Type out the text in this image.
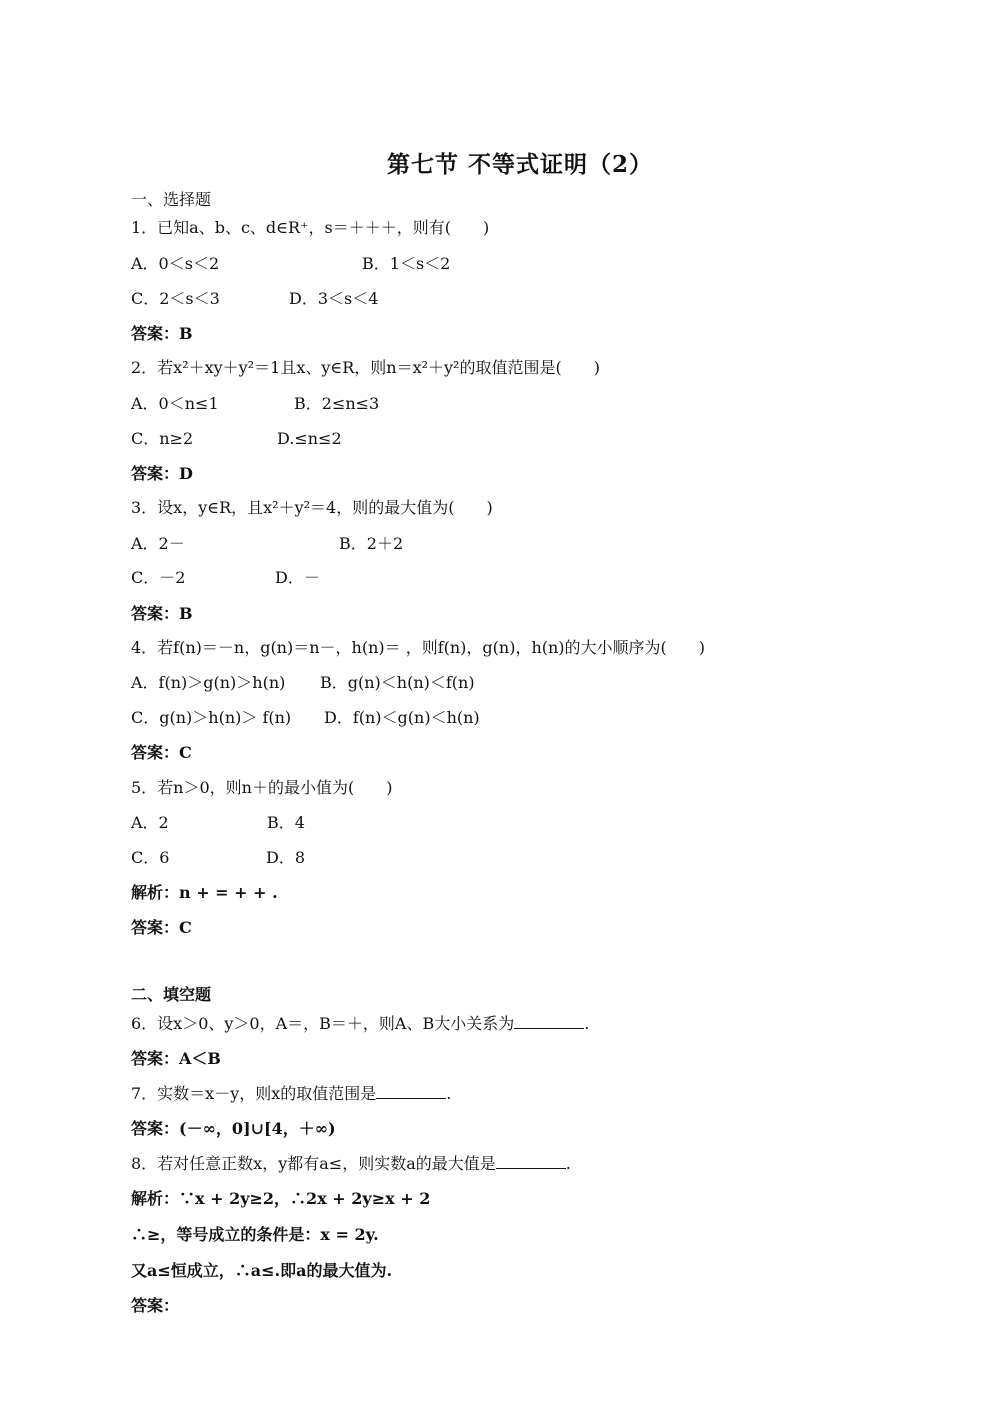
第七节 不等式证明（2）
一、选择题
1．已知a、b、c、d∈R⁺，s＝＋＋＋，则有(　　)
A．0＜s＜2	B．1＜s＜2
C．2＜s＜3	D．3＜s＜4
答案：B
2．若x²＋xy＋y²＝1且x、y∈R，则n＝x²＋y²的取值范围是(　　)
A．0＜n≤1	B．2≤n≤3
C．n≥2	D.≤n≤2
答案：D
3．设x，y∈R，且x²＋y²＝4，则的最大值为(　　)
A．2－	B．2＋2
C．－2	D．－
答案：B
4．若f(n)＝－n，g(n)＝n－，h(n)＝ ，则f(n)，g(n)，h(n)的大小顺序为(　　)
A．f(n)＞g(n)＞h(n) B．g(n)＜h(n)＜f(n)
C．g(n)＞h(n)＞ f(n) D．f(n)＜g(n)＜h(n)
答案：C
5．若n＞0，则n＋的最小值为(　　)
A．2	B．4
C．6	D．8
解析：n + = + + .
答案：C
二、填空题
6．设x＞0、y＞0，A＝，B＝＋，则A、B大小关系为	.
答案：A＜B
7．实数＝x－y，则x的取值范围是	.
答案：(－∞，0]∪[4，＋∞)
8．若对任意正数x，y都有a≤，则实数a的最大值是	.
解析：∵x + 2y≥2，∴2x + 2y≥x + 2
∴≥，等号成立的条件是：x = 2y.
又a≤恒成立，∴a≤.即a的最大值为.
答案：
